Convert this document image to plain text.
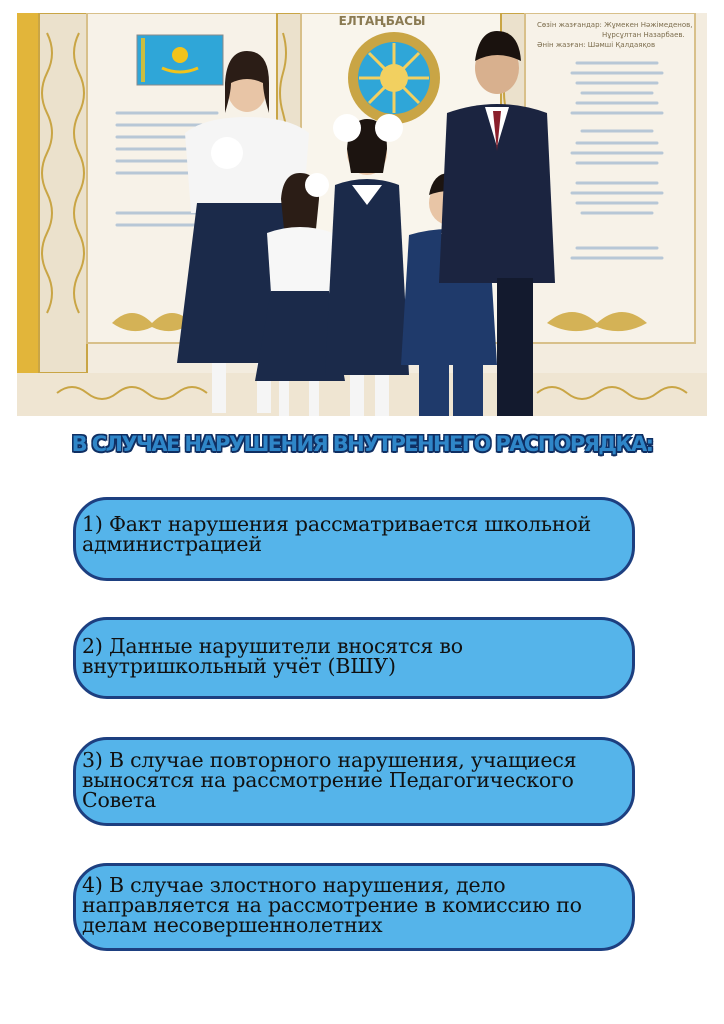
ЕЛТАҢБАСЫ	Сөзін жазғандар: Жұмекен Нәжімеденов,
Нұрсұлтан Назарбаев.
Әнін жазған: Шәмші Қалдаяқов
В СЛУЧАЕ НАРУШЕНИЯ ВНУТРЕННЕГО РАСПОРЯДКА:
1) Факт нарушения рассматривается школьной администрацией
2) Данные нарушители вносятся во внутришкольный учёт (ВШУ)
3) В случае повторного нарушения, учащиеся выносятся на рассмотрение Педагогического Совета
4) В случае злостного нарушения, дело направляется на рассмотрение в комиссию по делам несовершеннолетних
